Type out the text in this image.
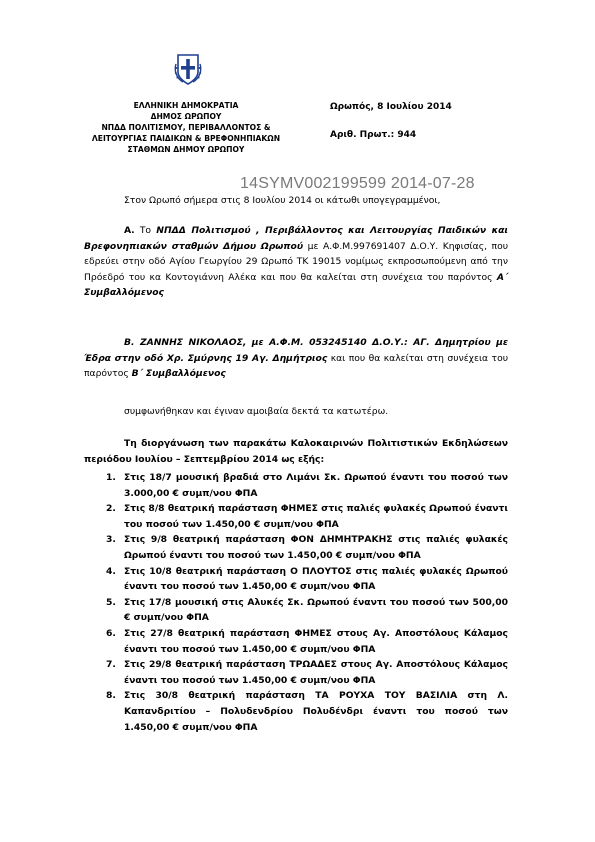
ΕΛΛΗΝΙΚΗ ΔΗΜΟΚΡΑΤΙΑ
ΔΗΜΟΣ ΩΡΩΠΟΥ
ΝΠΔΔ ΠΟΛΙΤΙΣΜΟΥ, ΠΕΡΙΒΑΛΛΟΝΤΟΣ &
ΛΕΙΤΟΥΡΓΙΑΣ ΠΑΙΔΙΚΩΝ & ΒΡΕΦΟΝΗΠΙΑΚΩΝ
ΣΤΑΘΜΩΝ ΔΗΜΟΥ ΩΡΩΠΟΥ
Ωρωπός, 8 Ιουλίου 2014
Αριθ. Πρωτ.: 944
14SYMV002199599 2014-07-28
Στον Ωρωπό σήμερα στις 8 Ιουλίου 2014 οι κάτωθι υπογεγραμμένοι,
Α. Το ΝΠΔΔ Πολιτισμού , Περιβάλλοντος και Λειτουργίας Παιδικών και Βρεφονηπιακών σταθμών Δήμου Ωρωπού με Α.Φ.Μ.997691407 Δ.Ο.Υ. Κηφισίας, που εδρεύει στην οδό Αγίου Γεωργίου 29 Ωρωπό ΤΚ 19015 νομίμως εκπροσωπούμενη από την Πρόεδρό του κα Κοντογιάννη Αλέκα και που θα καλείται στη συνέχεια του παρόντος Α΄ Συμβαλλόμενος
Β. ΖΑΝΝΗΣ ΝΙΚΟΛΑΟΣ, με Α.Φ.Μ. 053245140 Δ.Ο.Υ.: ΑΓ. Δημητρίου με Έδρα στην οδό Χρ. Σμύρνης 19 Αγ. Δημήτριος και που θα καλείται στη συνέχεια του παρόντος Β΄ Συμβαλλόμενος
συμφωνήθηκαν και έγιναν αμοιβαία δεκτά τα κατωτέρω.
Τη διοργάνωση των παρακάτω Καλοκαιρινών Πολιτιστικών Εκδηλώσεων περιόδου Ιουλίου – Σεπτεμβρίου 2014 ως εξής:
1. Στις 18/7 μουσική βραδιά στο Λιμάνι Σκ. Ωρωπού έναντι του ποσού των 3.000,00 € συμπ/νου ΦΠΑ
2. Στις 8/8 θεατρική παράσταση ΦΗΜΕΣ στις παλιές φυλακές Ωρωπού έναντι του ποσού των 1.450,00 € συμπ/νου ΦΠΑ
3. Στις 9/8 θεατρική παράσταση ΦΟΝ ΔΗΜΗΤΡΑΚΗΣ στις παλιές φυλακές Ωρωπού έναντι του ποσού των 1.450,00 € συμπ/νου ΦΠΑ
4. Στις 10/8 θεατρική παράσταση Ο ΠΛΟΥΤΟΣ στις παλιές φυλακές Ωρωπού έναντι του ποσού των 1.450,00 € συμπ/νου ΦΠΑ
5. Στις 17/8 μουσική στις Αλυκές Σκ. Ωρωπού έναντι του ποσού των 500,00 € συμπ/νου ΦΠΑ
6. Στις 27/8 θεατρική παράσταση ΦΗΜΕΣ στους Αγ. Αποστόλους Κάλαμος έναντι του ποσού των 1.450,00 € συμπ/νου ΦΠΑ
7. Στις 29/8 θεατρική παράσταση ΤΡΩΑΔΕΣ στους Αγ. Αποστόλους Κάλαμος έναντι του ποσού των 1.450,00 € συμπ/νου ΦΠΑ
8. Στις 30/8 θεατρική παράσταση ΤΑ ΡΟΥΧΑ ΤΟΥ ΒΑΣΙΛΙΑ στη Λ. Καπανδριτίου – Πολυδενδρίου Πολυδένδρι έναντι του ποσού των 1.450,00 € συμπ/νου ΦΠΑ
